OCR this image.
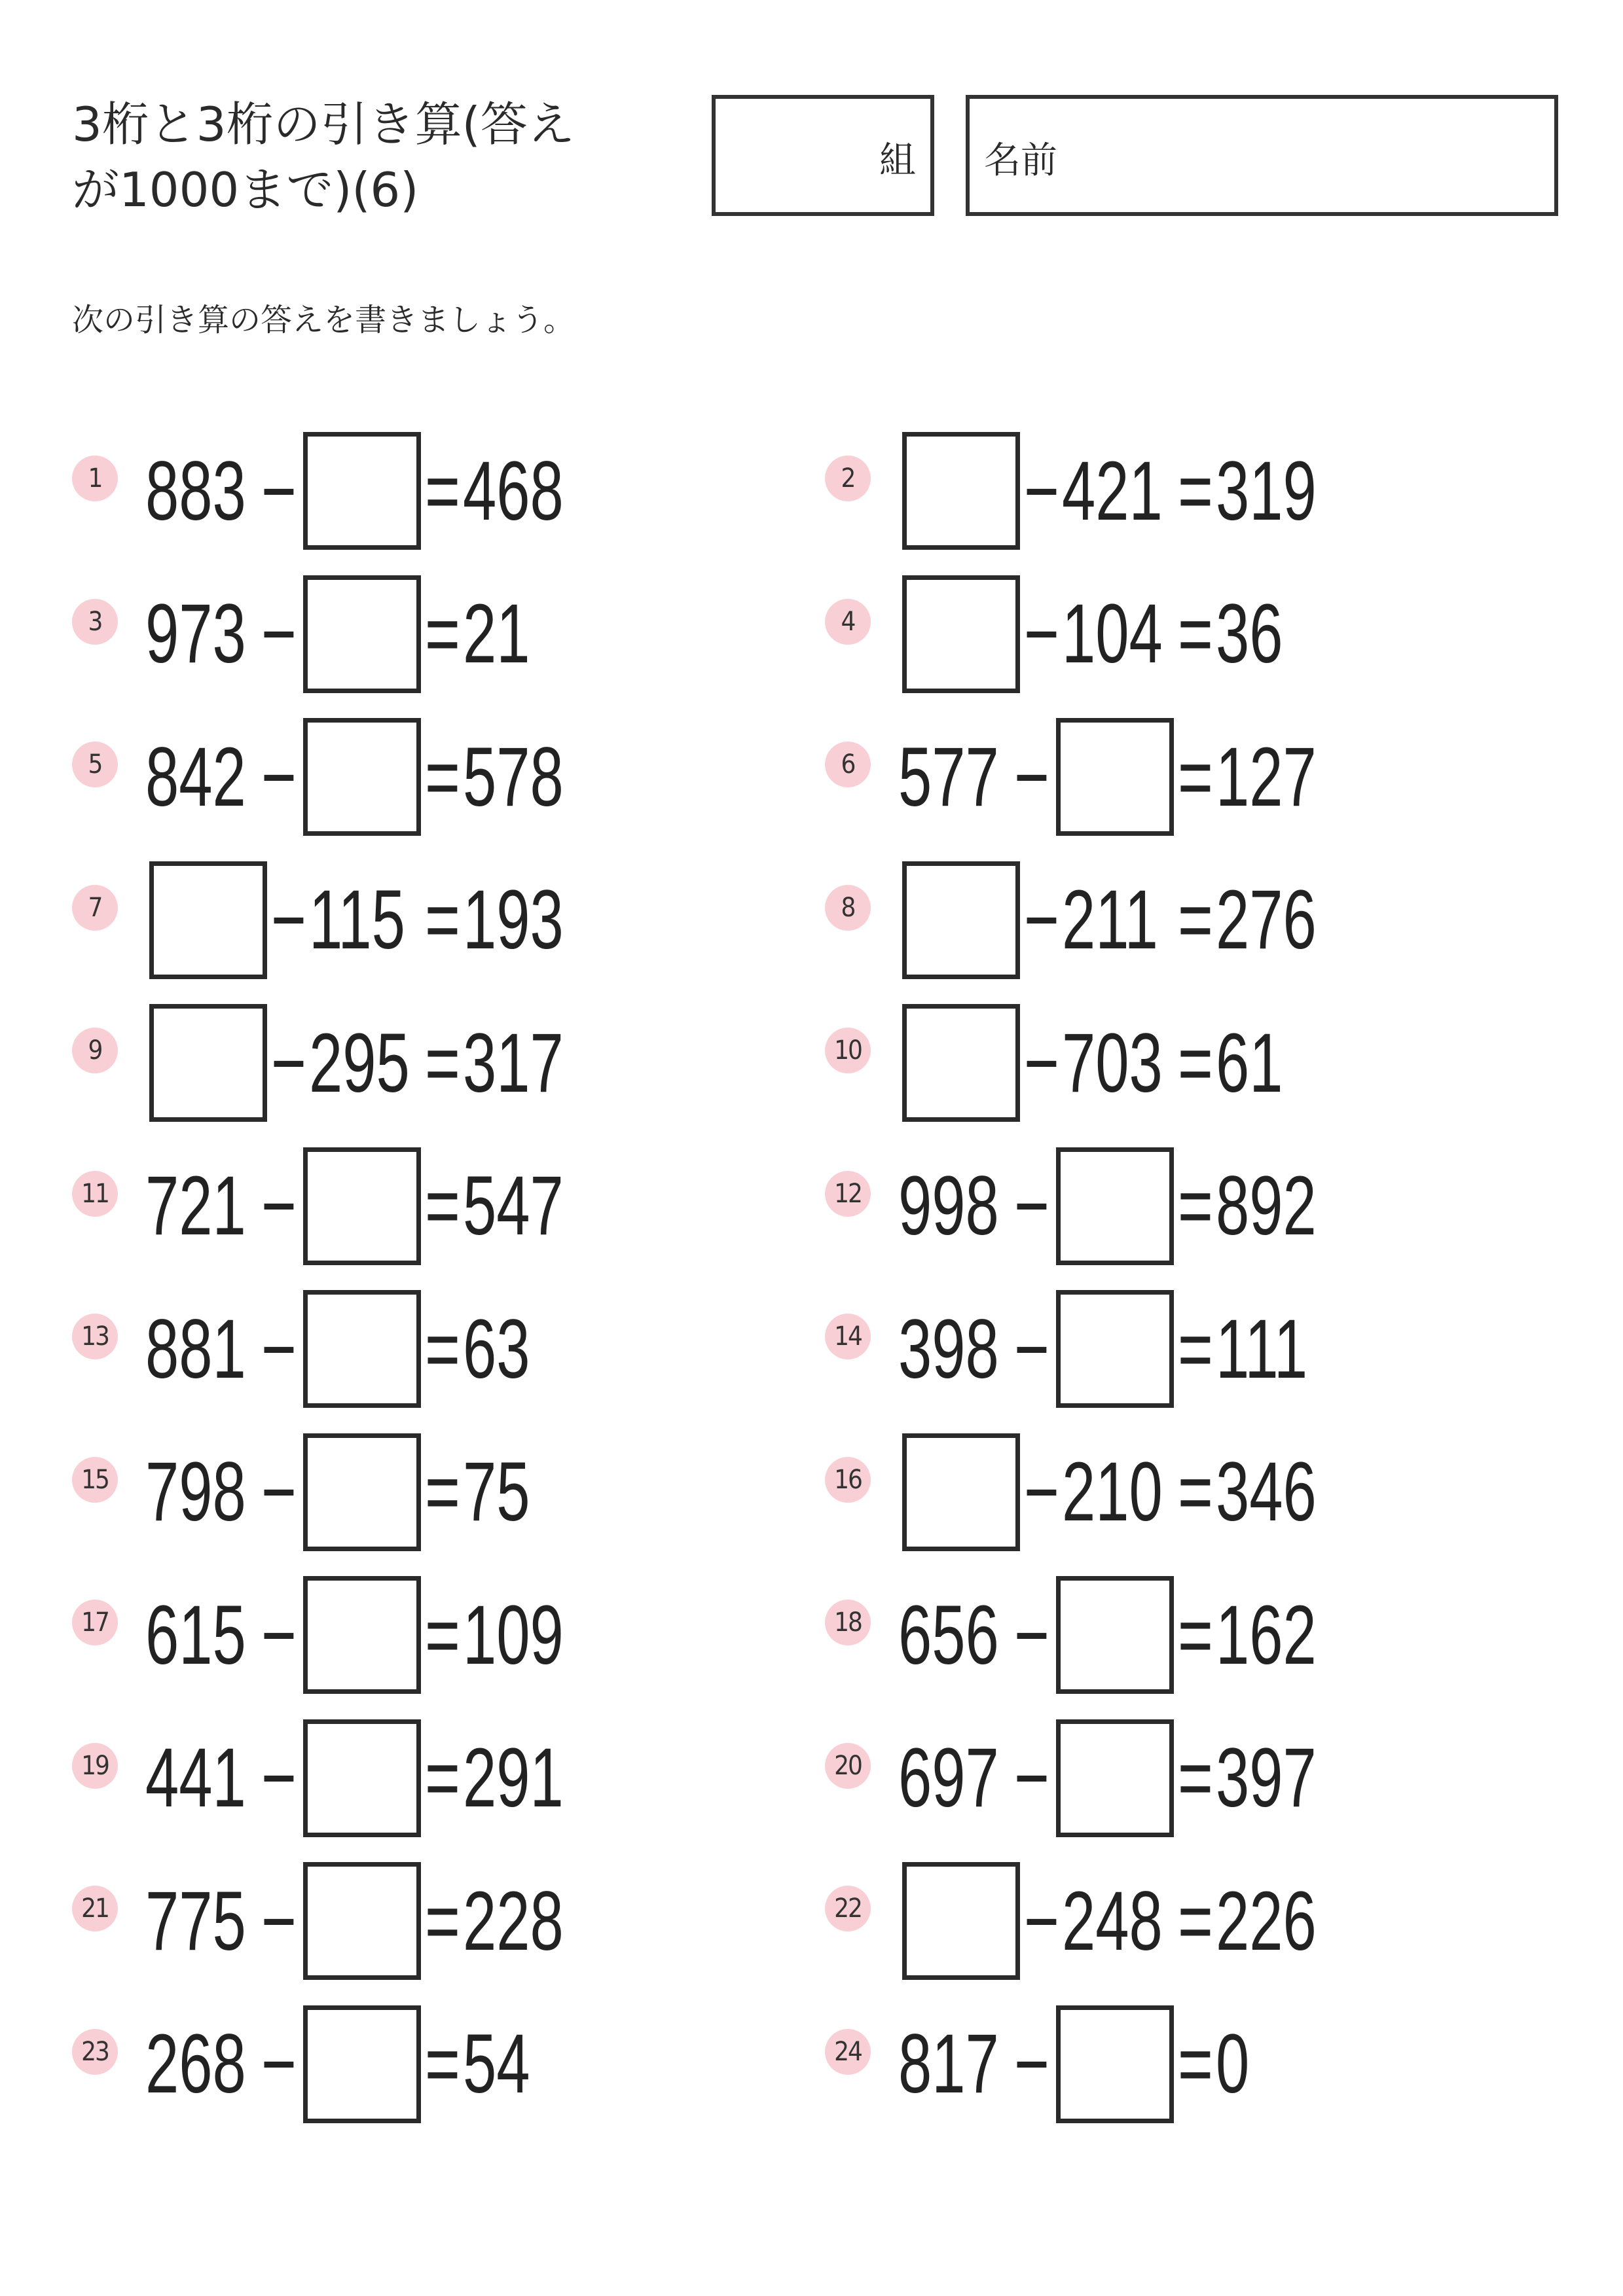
3桁と3桁の引き算(答え
が1000まで)(6)
組 名前
次の引き算の答えを書きましょう。
1 883 − = 468	2 − 421 = 319
3 973 − = 21	4 − 104 = 36
5 842 − = 578	6 577 − = 127
7 − 115 = 193	8 − 211 = 276
9 − 295 = 317	10 − 703 = 61
11 721 − = 547	12 998 − = 892
13 881 − = 63	14 398 − = 111
15 798 − = 75	16 − 210 = 346
17 615 − = 109	18 656 − = 162
19 441 − = 291	20 697 − = 397
21 775 − = 228	22 − 248 = 226
23 268 − = 54	24 817 − = 0
